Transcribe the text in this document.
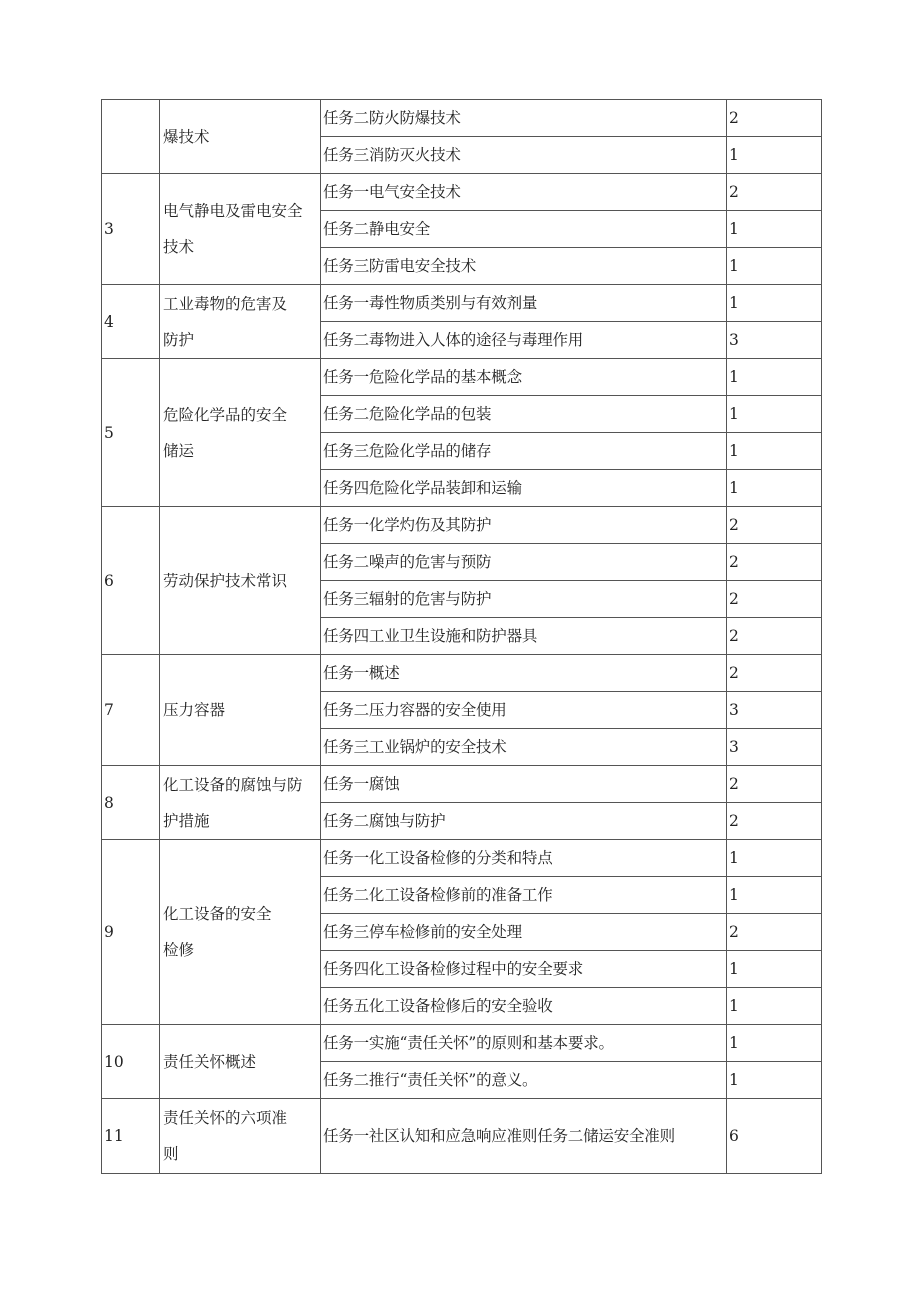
	爆技术	任务二防火防爆技术	2
		任务三消防灭火技术	1
3	电气静电及雷电安全技术	任务一电气安全技术	2
		任务二静电安全	1
		任务三防雷电安全技术	1
4	工业毒物的危害及防护	任务一毒性物质类别与有效剂量	1
		任务二毒物进入人体的途径与毒理作用	3
5	危险化学品的安全储运	任务一危险化学品的基本概念	1
		任务二危险化学品的包装	1
		任务三危险化学品的储存	1
		任务四危险化学品装卸和运输	1
6	劳动保护技术常识	任务一化学灼伤及其防护	2
		任务二噪声的危害与预防	2
		任务三辐射的危害与防护	2
		任务四工业卫生设施和防护器具	2
7	压力容器	任务一概述	2
		任务二压力容器的安全使用	3
		任务三工业锅炉的安全技术	3
8	化工设备的腐蚀与防护措施	任务一腐蚀	2
		任务二腐蚀与防护	2
9	化工设备的安全检修	任务一化工设备检修的分类和特点	1
		任务二化工设备检修前的准备工作	1
		任务三停车检修前的安全处理	2
		任务四化工设备检修过程中的安全要求	1
		任务五化工设备检修后的安全验收	1
10	责任关怀概述	任务一实施“责任关怀”的原则和基本要求。	1
		任务二推行“责任关怀”的意义。	1
11	责任关怀的六项准则	任务一社区认知和应急响应准则任务二储运安全准则	6
